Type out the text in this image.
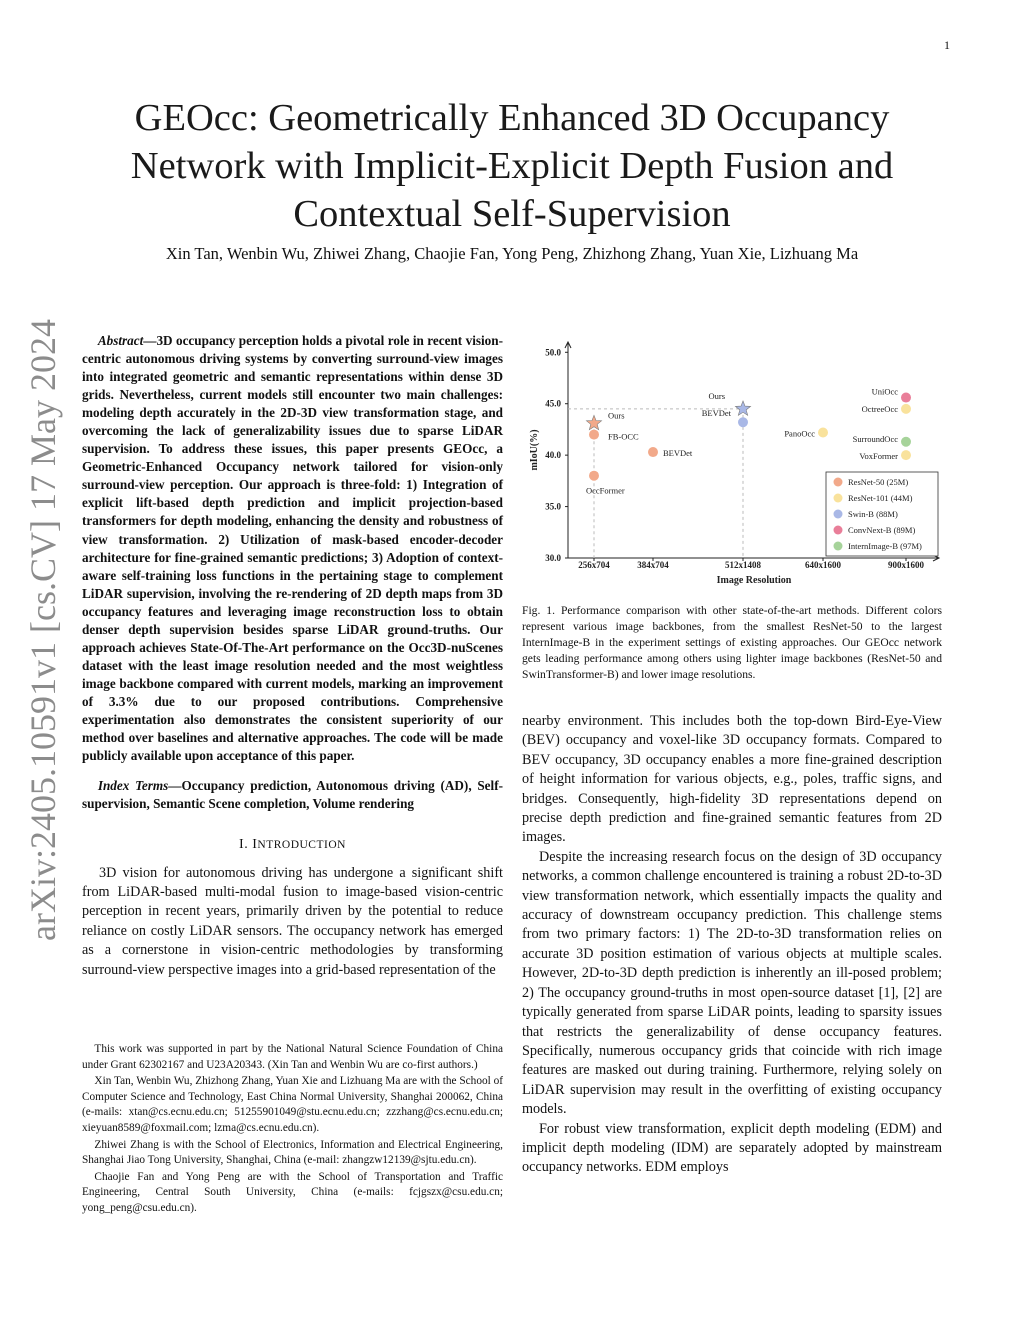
1
GEOcc: Geometrically Enhanced 3D Occupancy Network with Implicit-Explicit Depth Fusion and Contextual Self-Supervision
Xin Tan, Wenbin Wu, Zhiwei Zhang, Chaojie Fan, Yong Peng, Zhizhong Zhang, Yuan Xie, Lizhuang Ma
arXiv:2405.10591v1 [cs.CV] 17 May 2024	Abstract—3D occupancy perception holds a pivotal role in recent vision-centric autonomous driving systems by converting surround-view images into integrated geometric and semantic representations within dense 3D grids. Nevertheless, current models still encounter two main challenges: modeling depth accurately in the 2D-3D view transformation stage, and overcoming the lack of generalizability issues due to sparse LiDAR supervision. To address these issues, this paper presents GEOcc, a Geometric-Enhanced Occupancy network tailored for vision-only surround-view perception. Our approach is three-fold: 1) Integration of explicit lift-based depth prediction and implicit projection-based transformers for depth modeling, enhancing the density and robustness of view transformation. 2) Utilization of mask-based encoder-decoder architecture for fine-grained semantic predictions; 3) Adoption of context-aware self-training loss functions in the pertaining stage to complement LiDAR supervision, involving the re-rendering of 2D depth maps from 3D occupancy features and leveraging image reconstruction loss to obtain denser depth supervision besides sparse LiDAR ground-truths. Our approach achieves State-Of-The-Art performance on the Occ3D-nuScenes dataset with the least image resolution needed and the most weightless image backbone compared with current models, marking an improvement of 3.3% due to our proposed contributions. Comprehensive experimentation also demonstrates the consistent superiority of our method over baselines and alternative approaches. The code will be made publicly available upon acceptance of this paper.

Index Terms—Occupancy prediction, Autonomous driving (AD), Self-supervision, Semantic Scene completion, Volume rendering

I. INTRODUCTION

3D vision for autonomous driving has undergone a significant shift from LiDAR-based multi-modal fusion to image-based vision-centric perception in recent years, primarily driven by the potential to reduce reliance on costly LiDAR sensors. The occupancy network has emerged as a cornerstone in vision-centric methodologies by transforming surround-view perspective images into a grid-based representation of the

This work was supported in part by the National Natural Science Foundation of China under Grant 62302167 and U23A20343. (Xin Tan and Wenbin Wu are co-first authors.)

Xin Tan, Wenbin Wu, Zhizhong Zhang, Yuan Xie and Lizhuang Ma are with the School of Computer Science and Technology, East China Normal University, Shanghai 200062, China (e-mails: xtan@cs.ecnu.edu.cn; 51255901049@stu.ecnu.edu.cn; zzzhang@cs.ecnu.edu.cn; xieyuan8589@foxmail.com; lzma@cs.ecnu.edu.cn).

Zhiwei Zhang is with the School of Electronics, Information and Electrical Engineering, Shanghai Jiao Tong University, Shanghai, China (e-mail: zhangzw12139@sjtu.edu.cn).

Chaojie Fan and Yong Peng are with the School of Transportation and Traffic Engineering, Central South University, China (e-mails: fcjgszx@csu.edu.cn; yong_peng@csu.edu.cn).

30.0
35.0
40.0
45.0
50.0
256x704	384x704	512x1408	640x1600	900x1600
Image Resolution
mIoU(%)
Ours
FB-OCC
OccFormer
BEVDet
Ours
BEVDet
PanoOcc
UniOcc
OctreeOcc
SurroundOcc
VoxFormer
ResNet-50 (25M)
ResNet-101 (44M)
Swin-B (88M)
ConvNext-B (89M)
InternImage-B (97M)
Fig. 1. Performance comparison with other state-of-the-art methods. Different colors represent various image backbones, from the smallest ResNet-50 to the largest InternImage-B in the experiment settings of existing approaches. Our GEOcc network gets leading performance among others using lighter image backbones (ResNet-50 and SwinTransformer-B) and lower image resolutions.

nearby environment. This includes both the top-down Bird-Eye-View (BEV) occupancy and voxel-like 3D occupancy formats. Compared to BEV occupancy, 3D occupancy enables a more fine-grained description of height information for various objects, e.g., poles, traffic signs, and bridges. Consequently, high-fidelity 3D representations depend on precise depth prediction and fine-grained semantic features from 2D images.

Despite the increasing research focus on the design of 3D occupancy networks, a common challenge encountered is training a robust 2D-to-3D view transformation network, which essentially impacts the quality and accuracy of downstream occupancy prediction. This challenge stems from two primary factors: 1) The 2D-to-3D transformation relies on accurate 3D position estimation of various objects at multiple scales. However, 2D-to-3D depth prediction is inherently an ill-posed problem; 2) The occupancy ground-truths in most open-source dataset [1], [2] are typically generated from sparse LiDAR points, leading to sparsity issues that restricts the generalizability of dense occupancy features. Specifically, numerous occupancy grids that coincide with rich image features are masked out during training. Furthermore, relying solely on LiDAR supervision may result in the overfitting of existing occupancy models.

For robust view transformation, explicit depth modeling (EDM) and implicit depth modeling (IDM) are separately adopted by mainstream occupancy networks. EDM employs
